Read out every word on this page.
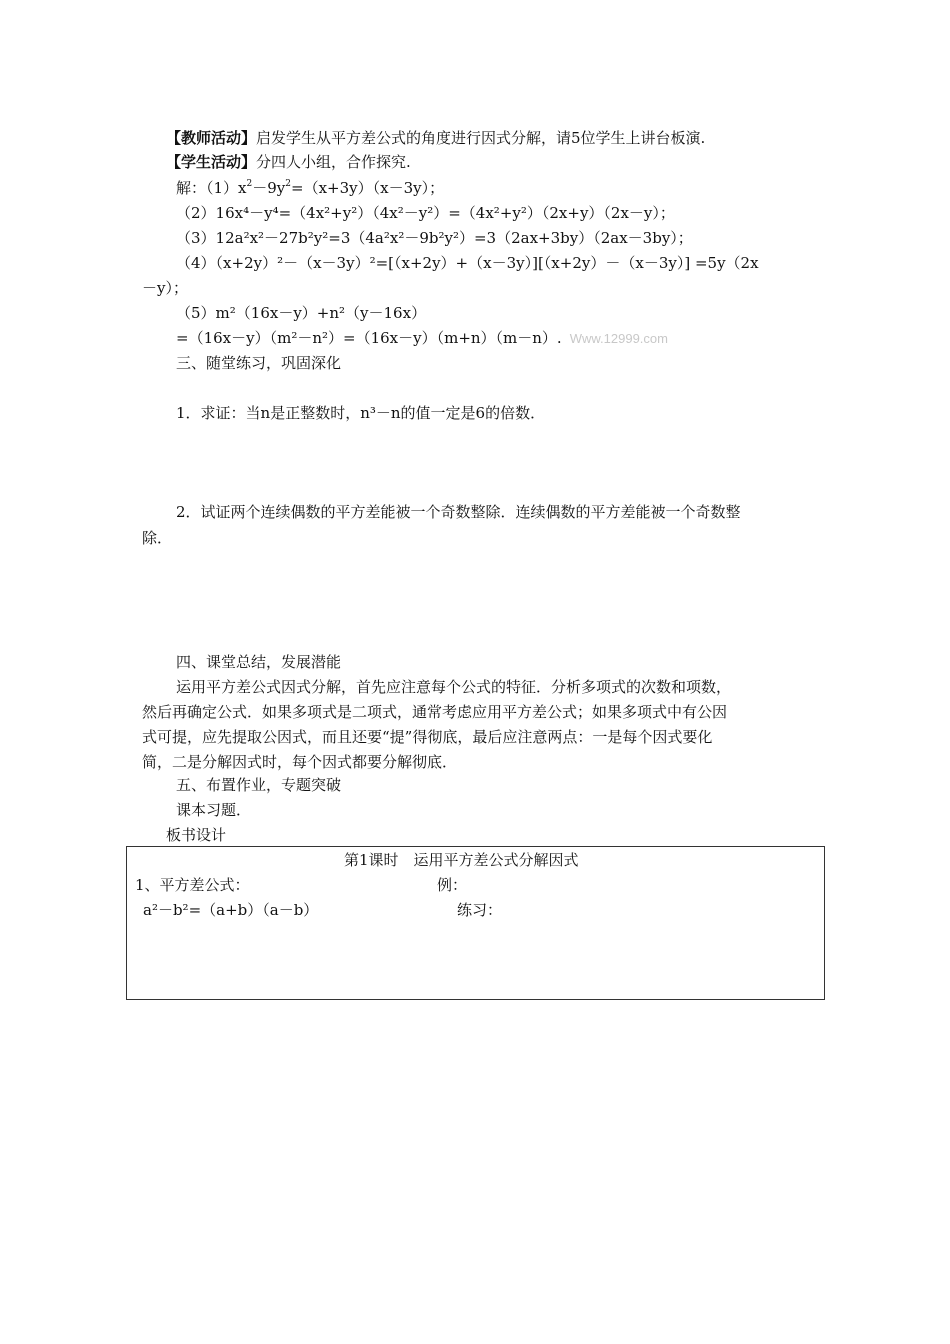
【教师活动】启发学生从平方差公式的角度进行因式分解，请5位学生上讲台板演.
【学生活动】分四人小组，合作探究.
解：$(1)x^2-9y^2=(x+3y)(x-3y)$；
（2）16x⁴－y⁴=（4x²+y²）（4x²－y²）=（4x²+y²）（2x+y）（2x－y）；
（3）12a²x²－27b²y²=3（4a²x²－9b²y²）=3（2ax+3by）（2ax－3by）；
（4）（x+2y）²－（x－3y）²=[（x+2y）+（x－3y）][（x+2y）－（x－3y）] =5y（2x
－y）；
（5）m²（16x－y）+n²（y－16x）
=（16x－y）（m²－n²）=（16x－y）（m+n）（m－n）. Www.12999.com
三、随堂练习，巩固深化
1．求证：当n是正整数时，n³－n的值一定是6的倍数．
2．试证两个连续偶数的平方差能被一个奇数整除．连续偶数的平方差能被一个奇数整
除．
四、课堂总结，发展潜能
运用平方差公式因式分解，首先应注意每个公式的特征．分析多项式的次数和项数，
然后再确定公式．如果多项式是二项式，通常考虑应用平方差公式；如果多项式中有公因
式可提，应先提取公因式，而且还要“提”得彻底，最后应注意两点：一是每个因式要化
简，二是分解因式时，每个因式都要分解彻底．
五、布置作业，专题突破
课本习题．
板书设计
第1课时　运用平方差公式分解因式
1、平方差公式：	例：
a²－b²=（a+b）（a－b）	练习：
